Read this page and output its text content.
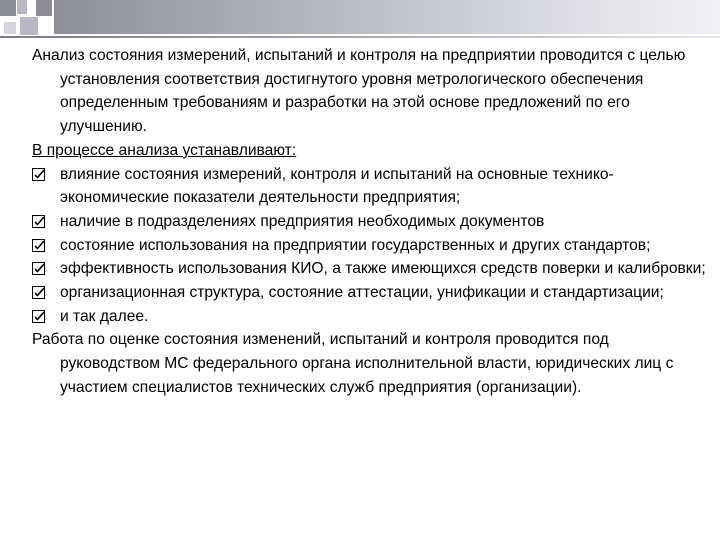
Анализ состояния измерений, испытаний и контроля на предприятии проводится с целью установления соответствия достигнутого уровня метрологического обеспечения определенным требованиям и разработки на этой основе предложений по его улучшению.

В процессе анализа устанавливают:

влияние состояния измерений, контроля и испытаний на основные технико-экономические показатели деятельности предприятия;
наличие в подразделениях предприятия необходимых документов
состояние использования на предприятии государственных и других стандартов;
эффективность использования КИО, а также имеющихся средств поверки и калибровки;
организационная структура, состояние аттестации, унификации и стандартизации;
и так далее.

Работа по оценке состояния изменений, испытаний и контроля проводится под руководством МС федерального органа исполнительной власти, юридических лиц с участием специалистов технических служб предприятия (организации).
